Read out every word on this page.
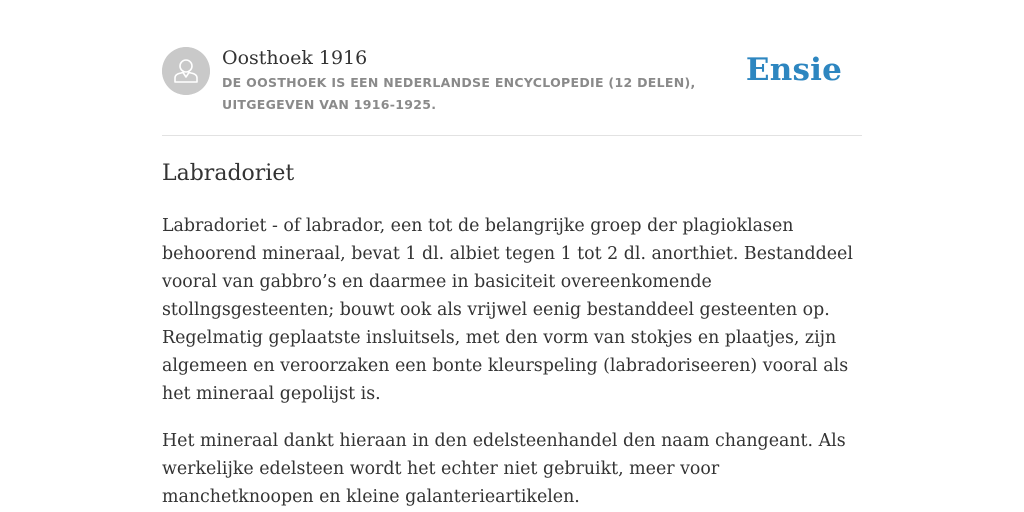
Oosthoek 1916
DE OOSTHOEK IS EEN NEDERLANDSE ENCYCLOPEDIE (12 DELEN), UITGEGEVEN VAN 1916-1925.
Ensie
Labradoriet

Labradoriet - of labrador, een tot de belangrijke groep der plagioklasen behoorend mineraal, bevat 1 dl. albiet tegen 1 tot 2 dl. anorthiet. Bestanddeel vooral van gabbro’s en daarmee in basiciteit overeenkomende stollngsgesteenten; bouwt ook als vrijwel eenig bestanddeel gesteenten op. Regelmatig geplaatste insluitsels, met den vorm van stokjes en plaatjes, zijn algemeen en veroorzaken een bonte kleurspeling (labradoriseeren) vooral als het mineraal gepolijst is.

Het mineraal dankt hieraan in den edelsteenhandel den naam changeant. Als werkelijke edelsteen wordt het echter niet gebruikt, meer voor manchetknoopen en kleine galanterieartikelen.
